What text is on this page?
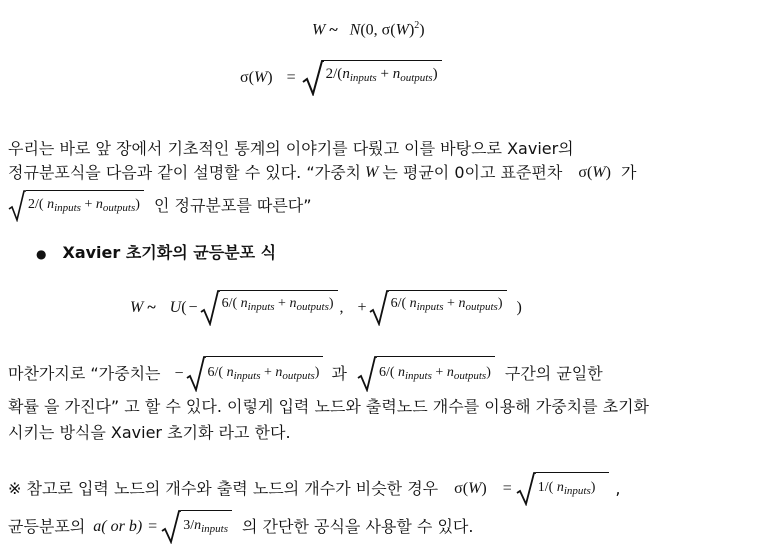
W ~ N(0, $\sigma(W)^2$)
σ( W ) = $2/(n_{inputs} + n_{outputs})$
우리는 바로 앞 장에서 기초적인 통계의 이야기를 다뤘고 이를 바탕으로 Xavier의
정규분포식을 다음과 같이 설명할 수 있다. “가중치 W 는 평균이 0이고 표준편차 σ( W ) 가
2/( $n_{inputs} + n_{outputs}$) 인 정규분포를 따른다”
● Xavier 초기화의 균등분포 식
W ~ U ( − 6/( $n_{inputs} + n_{outputs}$) , + 6/( $n_{inputs} + n_{outputs}$) )
마찬가지로 “가중치는 − 6/( $n_{inputs} + n_{outputs}$) 과 6/( $n_{inputs} + n_{outputs}$) 구간의 균일한
확률 을 가진다” 고 할 수 있다. 이렇게 입력 노드와 출력노드 개수를 이용해 가중치를 초기화
시키는 방식을 Xavier 초기화 라고 한다.
※ 참고로 입력 노드의 개수와 출력 노드의 개수가 비슷한 경우 σ( W ) = 1/( $n_{inputs}$)	,
균등분포의 a( or $b) = 3/n_{inputs}$ 의 간단한 공식을 사용할 수 있다.
